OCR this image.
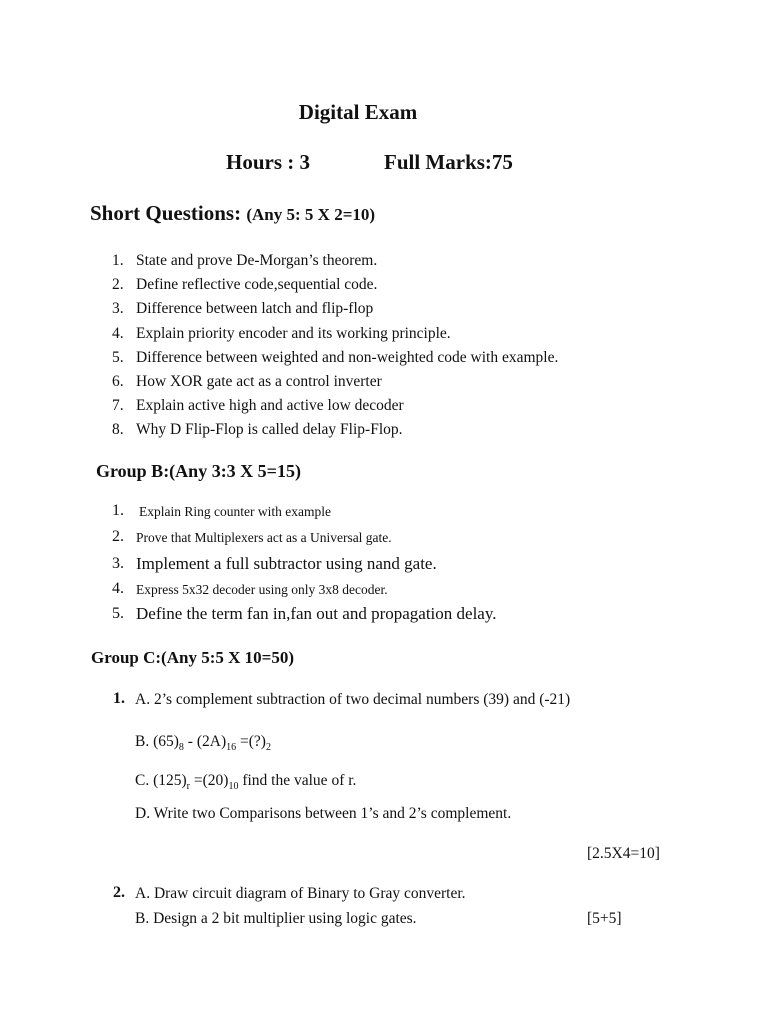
Digital Exam
Hours : 3	Full Marks:75
Short Questions: (Any 5: 5 X 2=10)
1. State and prove De-Morgan’s theorem.
2. Define reflective code,sequential code.
3. Difference between latch and flip-flop
4. Explain priority encoder and its working principle.
5. Difference between weighted and non-weighted code with example.
6. How XOR gate act as a control inverter
7. Explain active high and active low decoder
8. Why D Flip-Flop is called delay Flip-Flop.
Group B:(Any 3:3 X 5=15)
1. Explain Ring counter with example
2. Prove that Multiplexers act as a Universal gate.
3. Implement a full subtractor using nand gate.
4. Express 5x32 decoder using only 3x8 decoder.
5. Define the term fan in,fan out and propagation delay.
Group C:(Any 5:5 X 10=50)
1. A. 2’s complement subtraction of two decimal numbers (39) and (-21)
B. $(65)_8 - (2A)_{16}$ $=(?)_2$
C. $(125)_r =(20)_{10}$ find the value of r.
D. Write two Comparisons between 1’s and 2’s complement.
[2.5X4=10]
2. A. Draw circuit diagram of Binary to Gray converter.
B. Design a 2 bit multiplier using logic gates.	[5+5]
